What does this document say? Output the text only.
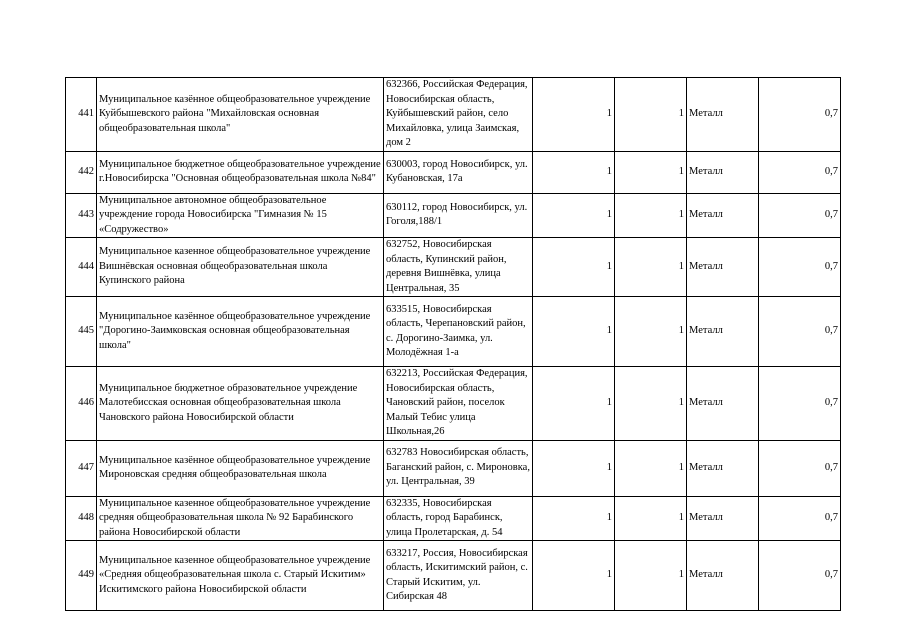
441	Муниципальное казённое общеобразовательное учреждение Куйбышевского района "Михайловская основная общеобразовательная школа"	632366, Российская Федерация, Новосибирская область, Куйбышевский район, село Михайловка, улица Заимская, дом 2	1	1	Металл	0,7
442	Муниципальное бюджетное общеобразовательное учреждение г.Новосибирска "Основная общеобразовательная школа №84"	630003, город Новосибирск, ул. Кубановская, 17а	1	1	Металл	0,7
443	Муниципальное автономное общеобразовательное учреждение города Новосибирска "Гимназия № 15 «Содружество»	630112, город Новосибирск, ул. Гоголя,188/1	1	1	Металл	0,7
444	Муниципальное казенное общеобразовательное учреждение Вишнёвская основная общеобразовательная школа Купинского района	632752, Новосибирская область, Купинский район, деревня Вишнёвка, улица Центральная, 35	1	1	Металл	0,7
445	Муниципальное казённое общеобразовательное учреждение "Дорогино-Заимковская основная общеобразовательная школа"	633515, Новосибирская область, Черепановский район, с. Дорогино-Заимка, ул. Молодёжная 1-а	1	1	Металл	0,7
446	Муниципальное бюджетное образовательное учреждение Малотебисская основная общеобразовательная школа Чановского района Новосибирской области	632213, Российская Федерация, Новосибирская область, Чановский район, поселок Малый Тебис улица Школьная,26	1	1	Металл	0,7
447	Муниципальное казённое общеобразовательное учреждение Мироновская средняя общеобразовательная школа	632783 Новосибирская область, Баганский район, с. Мироновка, ул. Центральная, 39	1	1	Металл	0,7
448	Муниципальное казенное общеобразовательное учреждение средняя общеобразовательная школа № 92 Барабинского района Новосибирской области	632335, Новосибирская область, город Барабинск, улица Пролетарская, д. 54	1	1	Металл	0,7
449	Муниципальное казенное общеобразовательное учреждение «Средняя общеобразовательная школа с. Старый Искитим» Искитимского района Новосибирской области	633217, Россия, Новосибирская область, Искитимский район, с. Старый Искитим, ул. Сибирская 48	1	1	Металл	0,7
